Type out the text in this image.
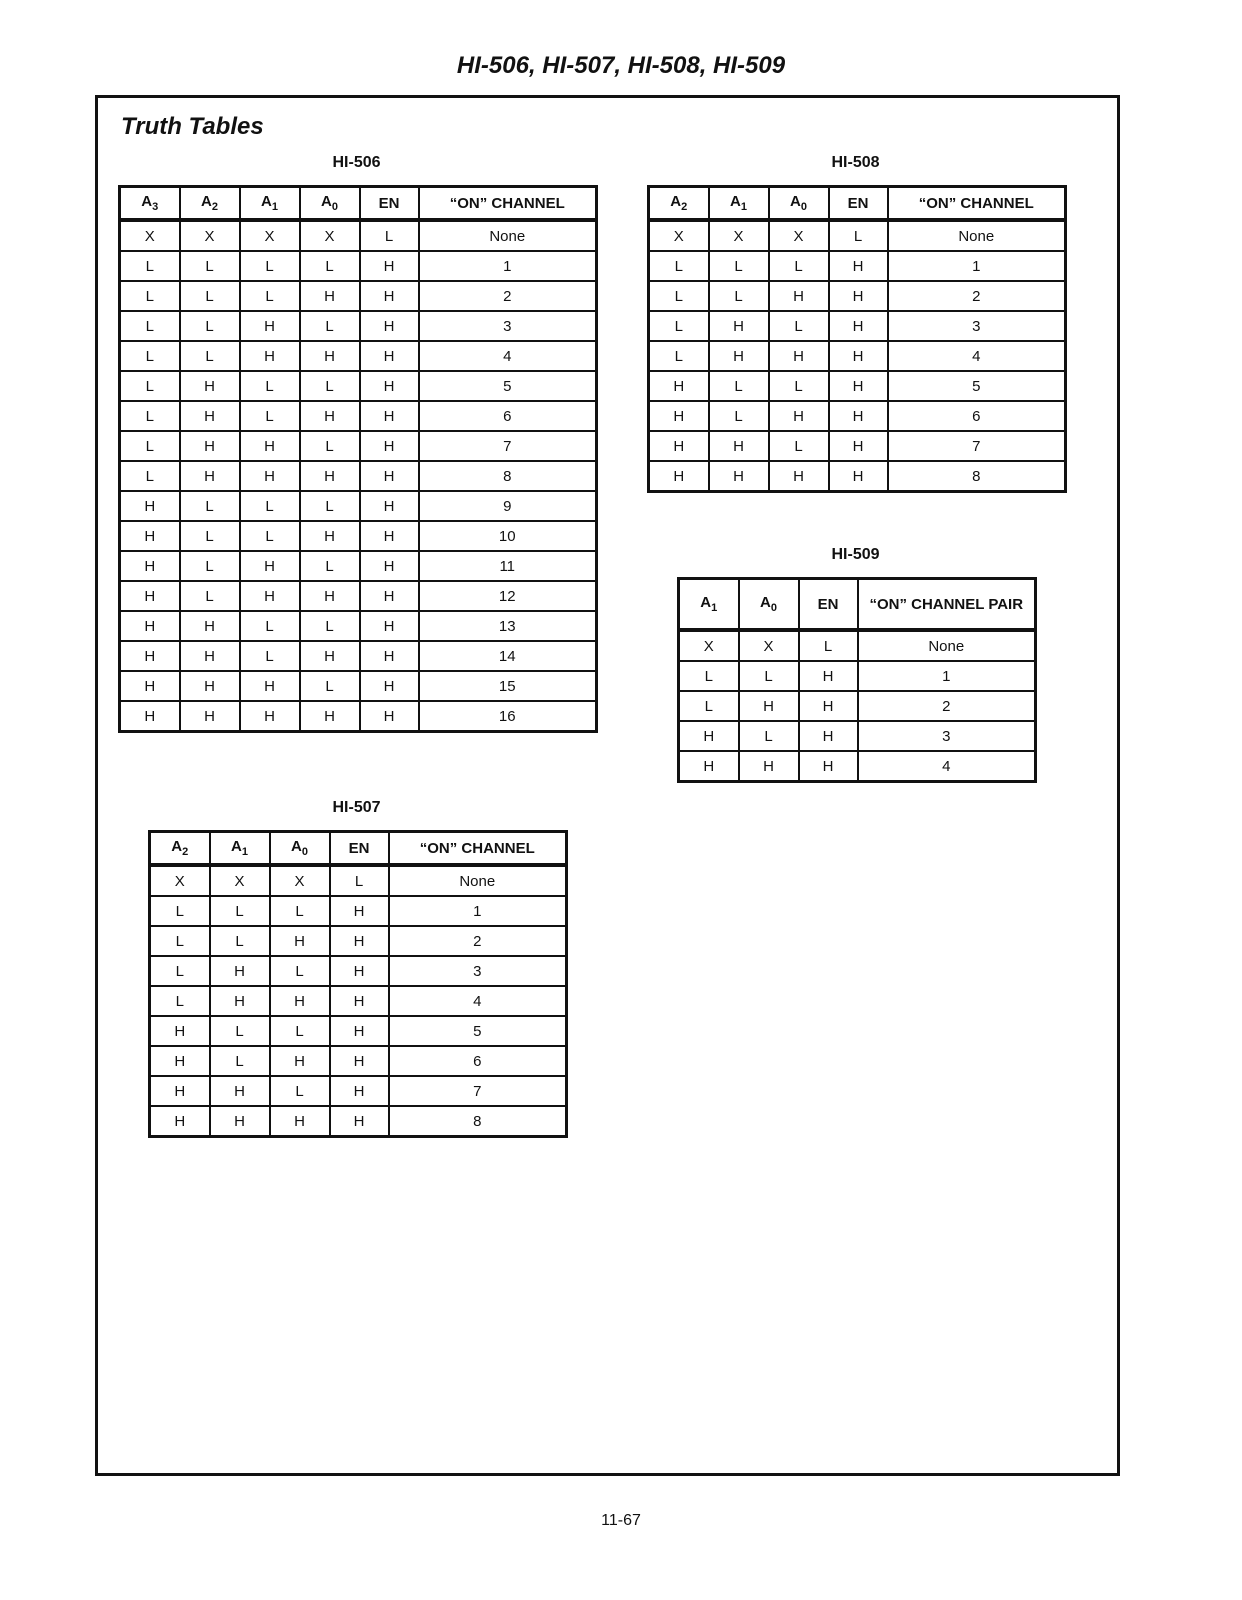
HI-506, HI-507, HI-508, HI-509
Truth Tables
HI-506
$A_3$	$A_2$	$A_1$	$A_0$	EN	“ON” CHANNEL
X	X	X	X	L	None
L	L	L	L	H	1
L	L	L	H	H	2
L	L	H	L	H	3
L	L	H	H	H	4
L	H	L	L	H	5
L	H	L	H	H	6
L	H	H	L	H	7
L	H	H	H	H	8
H	L	L	L	H	9
H	L	L	H	H	10
H	L	H	L	H	11
H	L	H	H	H	12
H	H	L	L	H	13
H	H	L	H	H	14
H	H	H	L	H	15
H	H	H	H	H	16
HI-508
$A_2$	$A_1$	$A_0$	EN	“ON” CHANNEL
X	X	X	L	None
L	L	L	H	1
L	L	H	H	2
L	H	L	H	3
L	H	H	H	4
H	L	L	H	5
H	L	H	H	6
H	H	L	H	7
H	H	H	H	8
HI-509
$A_1$	$A_0$	EN	“ON” CHANNEL PAIR
X	X	L	None
L	L	H	1
L	H	H	2
H	L	H	3
H	H	H	4
HI-507
$A_2$	$A_1$	$A_0$	EN	“ON” CHANNEL
X	X	X	L	None
L	L	L	H	1
L	L	H	H	2
L	H	L	H	3
L	H	H	H	4
H	L	L	H	5
H	L	H	H	6
H	H	L	H	7
H	H	H	H	8
11-67
